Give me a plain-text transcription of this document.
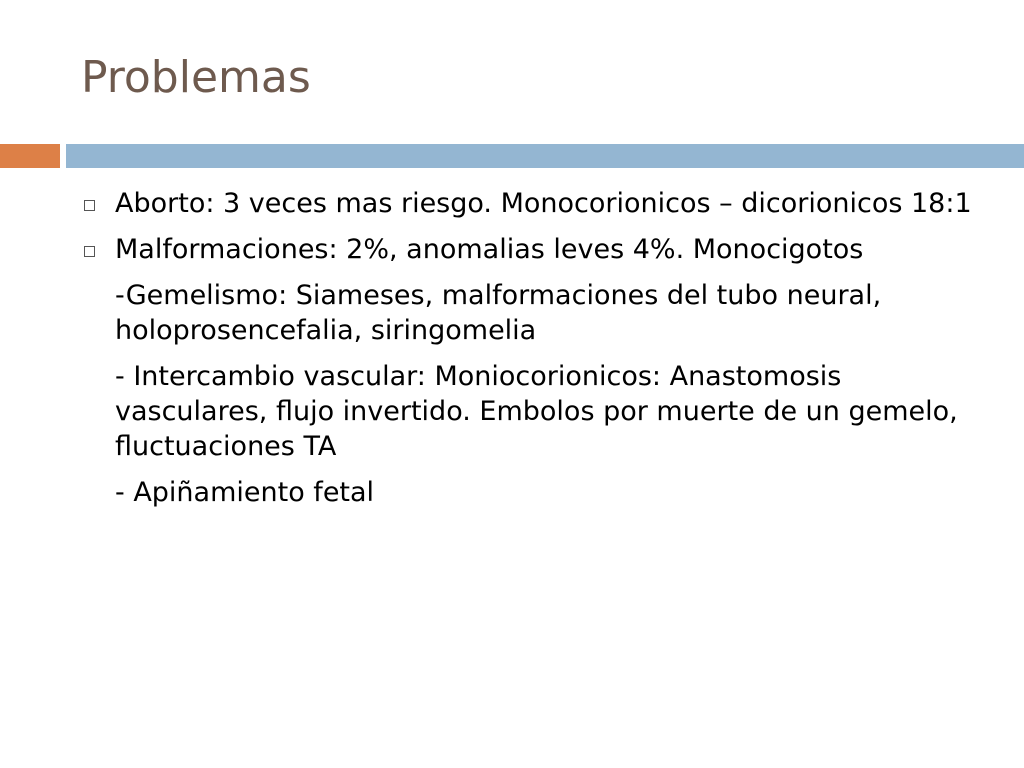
Problemas
Aborto: 3 veces mas riesgo. Monocorionicos – dicorionicos 18:1
Malformaciones: 2%, anomalias leves 4%. Monocigotos
-Gemelismo: Siameses, malformaciones del tubo neural, holoprosencefalia, siringomelia
- Intercambio vascular: Moniocorionicos: Anastomosis vasculares, flujo invertido. Embolos por muerte de un gemelo, fluctuaciones TA
- Apiñamiento fetal
